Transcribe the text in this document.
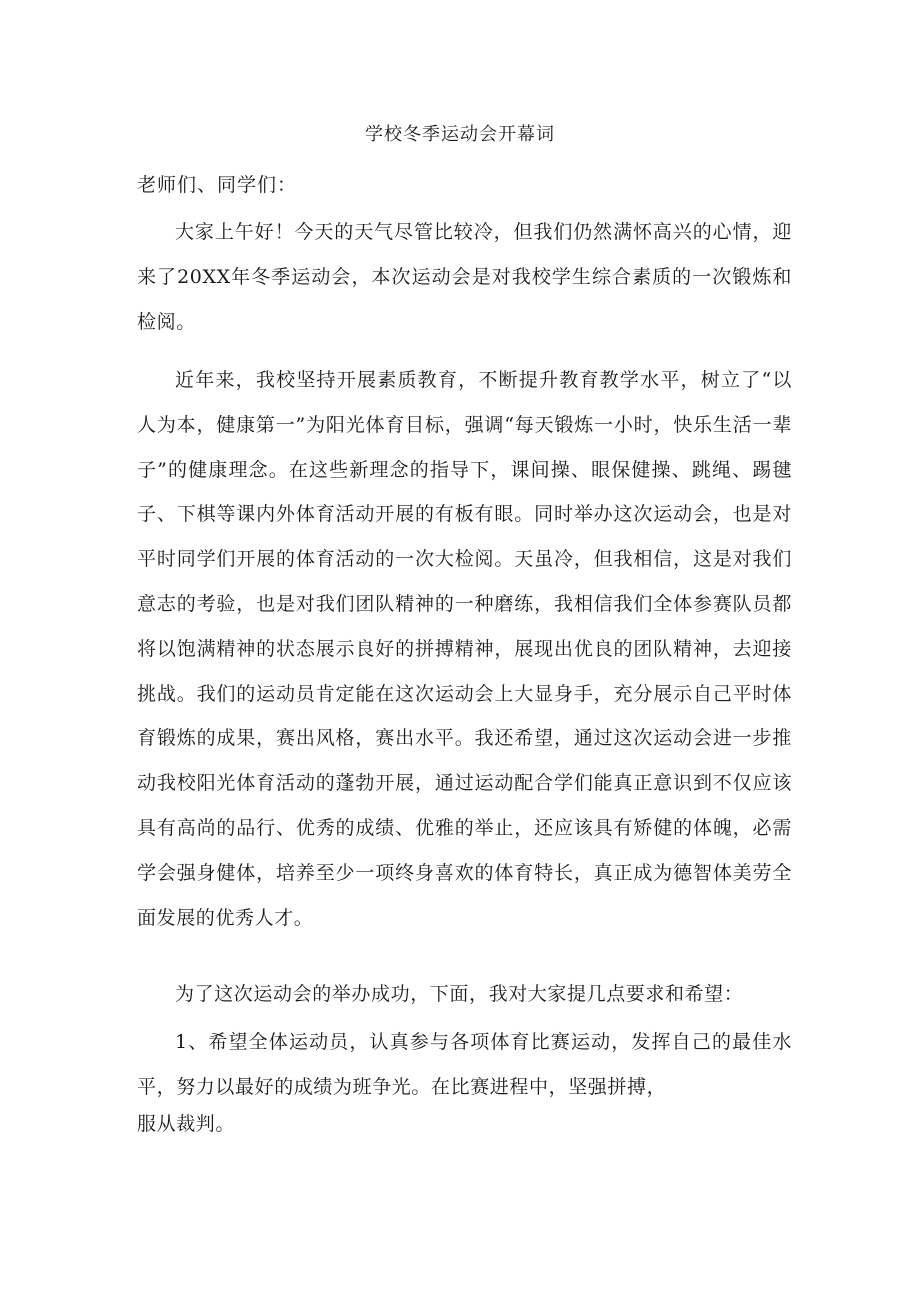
学校冬季运动会开幕词
老师们、同学们：

大家上午好！今天的天气尽管比较冷，但我们仍然满怀高兴的心情，迎来了20XX年冬季运动会，本次运动会是对我校学生综合素质的一次锻炼和检阅。

近年来，我校坚持开展素质教育，不断提升教育教学水平，树立了“以人为本，健康第一”为阳光体育目标，强调“每天锻炼一小时，快乐生活一辈子”的健康理念。在这些新理念的指导下，课间操、眼保健操、跳绳、踢毽子、下棋等课内外体育活动开展的有板有眼。同时举办这次运动会，也是对平时同学们开展的体育活动的一次大检阅。天虽冷，但我相信，这是对我们意志的考验，也是对我们团队精神的一种磨练，我相信我们全体参赛队员都将以饱满精神的状态展示良好的拼搏精神，展现出优良的团队精神，去迎接挑战。我们的运动员肯定能在这次运动会上大显身手，充分展示自己平时体育锻炼的成果，赛出风格，赛出水平。我还希望，通过这次运动会进一步推动我校阳光体育活动的蓬勃开展，通过运动配合学们能真正意识到不仅应该具有高尚的品行、优秀的成绩、优雅的举止，还应该具有矫健的体魄，必需学会强身健体，培养至少一项终身喜欢的体育特长，真正成为德智体美劳全面发展的优秀人才。

为了这次运动会的举办成功，下面，我对大家提几点要求和希望：

1、希望全体运动员，认真参与各项体育比赛运动，发挥自己的最佳水平，努力以最好的成绩为班争光。在比赛进程中，坚强拼搏，

服从裁判。
